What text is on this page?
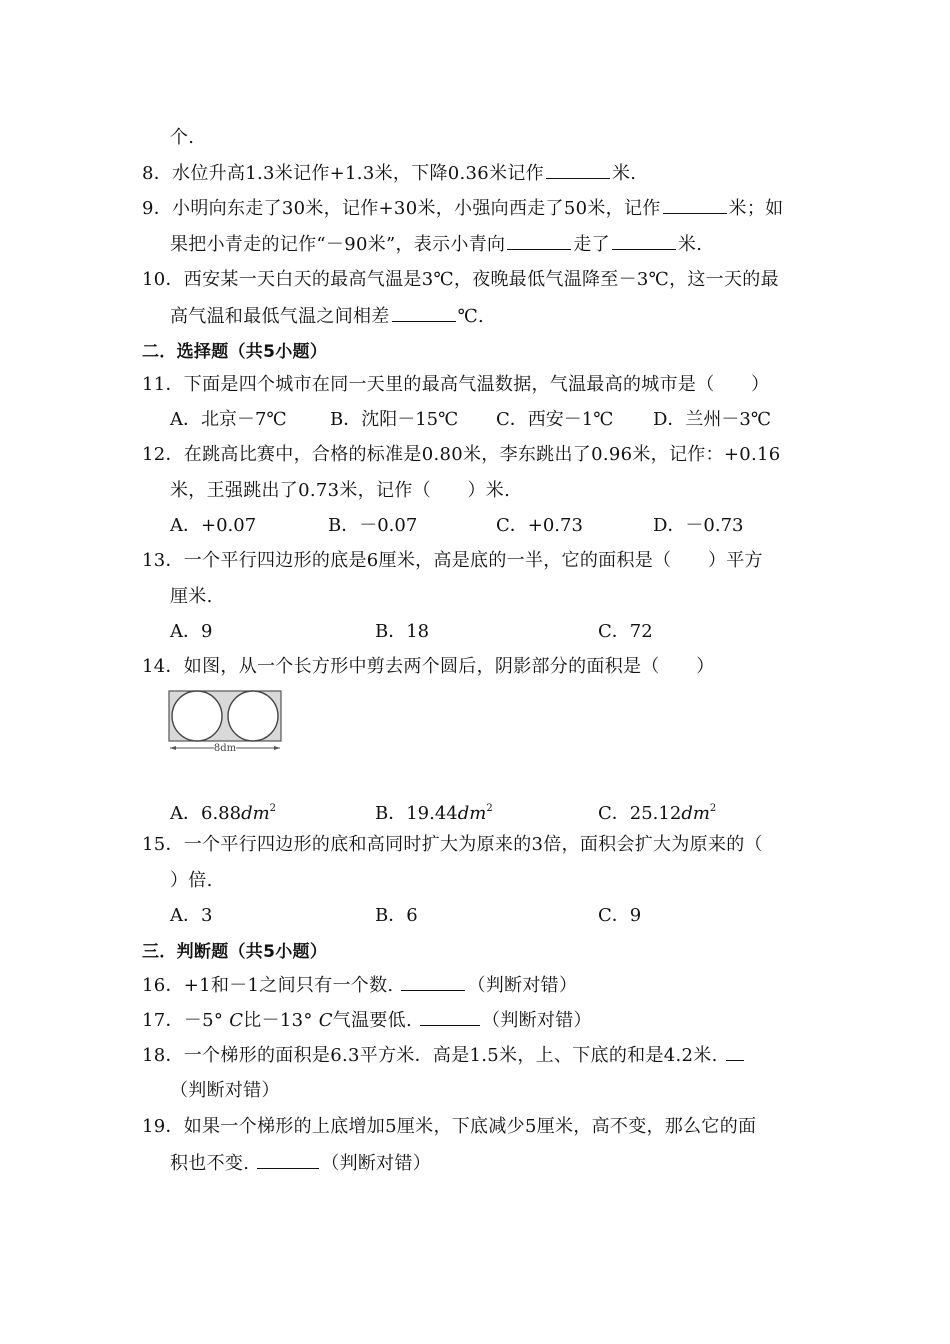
个.
8．水位升高1.3米记作+1.3米，下降0.36米记作	米.
9．小明向东走了30米，记作+30米，小强向西走了50米，记作	米；如
果把小青走的记作“－90米”，表示小青向	走了	米.
10．西安某一天白天的最高气温是3℃，夜晚最低气温降至－3℃，这一天的最
高气温和最低气温之间相差	℃.
二．选择题（共5小题）
11．下面是四个城市在同一天里的最高气温数据，气温最高的城市是（　　）
A．北京－7℃ B．沈阳－15℃ C．西安－1℃ D．兰州－3℃
12．在跳高比赛中，合格的标准是0.80米，李东跳出了0.96米，记作：+0.16
米，王强跳出了0.73米，记作（　　）米.
A．+0.07	B．－0.07	C．+0.73	D．－0.73
13．一个平行四边形的底是6厘米，高是底的一半，它的面积是（　　）平方
厘米.
A．9	B．18	C．72
14．如图，从一个长方形中剪去两个圆后，阴影部分的面积是（　　）
8dm
A．$6.88dm^2$	B．$19.44dm^2$	C．$25.12dm^2$
15．一个平行四边形的底和高同时扩大为原来的3倍，面积会扩大为原来的（
）倍.
A．3	B．6	C．9
三．判断题（共5小题）
16．+1和－1之间只有一个数.	（判断对错）
17．－5° C比－13° C气温要低.	（判断对错）
18．一个梯形的面积是6.3平方米．高是1.5米，上、下底的和是4.2米.
（判断对错）
19．如果一个梯形的上底增加5厘米，下底减少5厘米，高不变，那么它的面
积也不变.	（判断对错）
